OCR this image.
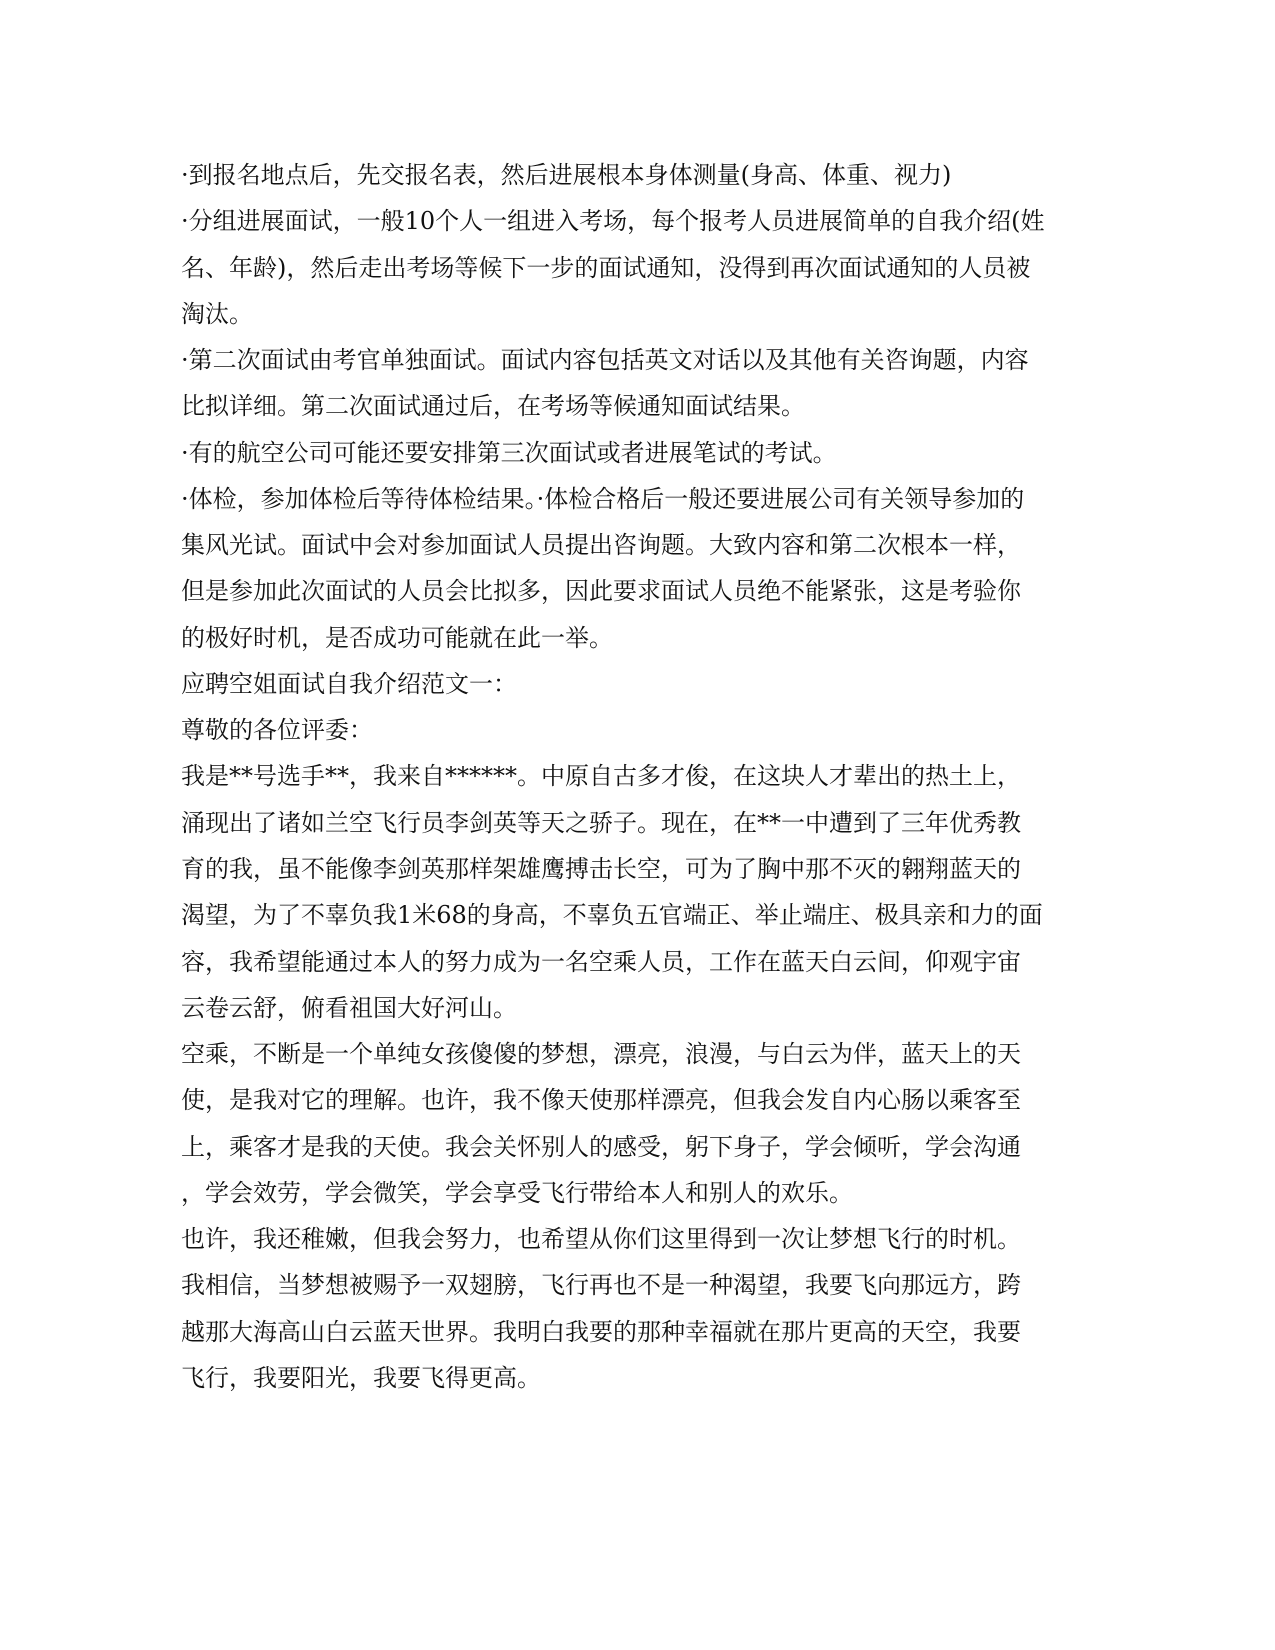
·到报名地点后，先交报名表，然后进展根本身体测量(身高、体重、视力)
·分组进展面试，一般10个人一组进入考场，每个报考人员进展简单的自我介绍(姓
名、年龄)，然后走出考场等候下一步的面试通知，没得到再次面试通知的人员被
淘汰。
·第二次面试由考官单独面试。面试内容包括英文对话以及其他有关咨询题，内容
比拟详细。第二次面试通过后，在考场等候通知面试结果。
·有的航空公司可能还要安排第三次面试或者进展笔试的考试。
·体检，参加体检后等待体检结果。·体检合格后一般还要进展公司有关领导参加的
集风光试。面试中会对参加面试人员提出咨询题。大致内容和第二次根本一样，
但是参加此次面试的人员会比拟多，因此要求面试人员绝不能紧张，这是考验你
的极好时机，是否成功可能就在此一举。
应聘空姐面试自我介绍范文一：
尊敬的各位评委：
我是**号选手**，我来自******。中原自古多才俊，在这块人才辈出的热土上，
涌现出了诸如兰空飞行员李剑英等天之骄子。现在，在**一中遭到了三年优秀教
育的我，虽不能像李剑英那样架雄鹰搏击长空，可为了胸中那不灭的翱翔蓝天的
渴望，为了不辜负我1米68的身高，不辜负五官端正、举止端庄、极具亲和力的面
容，我希望能通过本人的努力成为一名空乘人员，工作在蓝天白云间，仰观宇宙
云卷云舒，俯看祖国大好河山。
空乘，不断是一个单纯女孩傻傻的梦想，漂亮，浪漫，与白云为伴，蓝天上的天
使，是我对它的理解。也许，我不像天使那样漂亮，但我会发自内心肠以乘客至
上，乘客才是我的天使。我会关怀别人的感受，躬下身子，学会倾听，学会沟通
，学会效劳，学会微笑，学会享受飞行带给本人和别人的欢乐。
也许，我还稚嫩，但我会努力，也希望从你们这里得到一次让梦想飞行的时机。
我相信，当梦想被赐予一双翅膀，飞行再也不是一种渴望，我要飞向那远方，跨
越那大海高山白云蓝天世界。我明白我要的那种幸福就在那片更高的天空，我要
飞行，我要阳光，我要飞得更高。
